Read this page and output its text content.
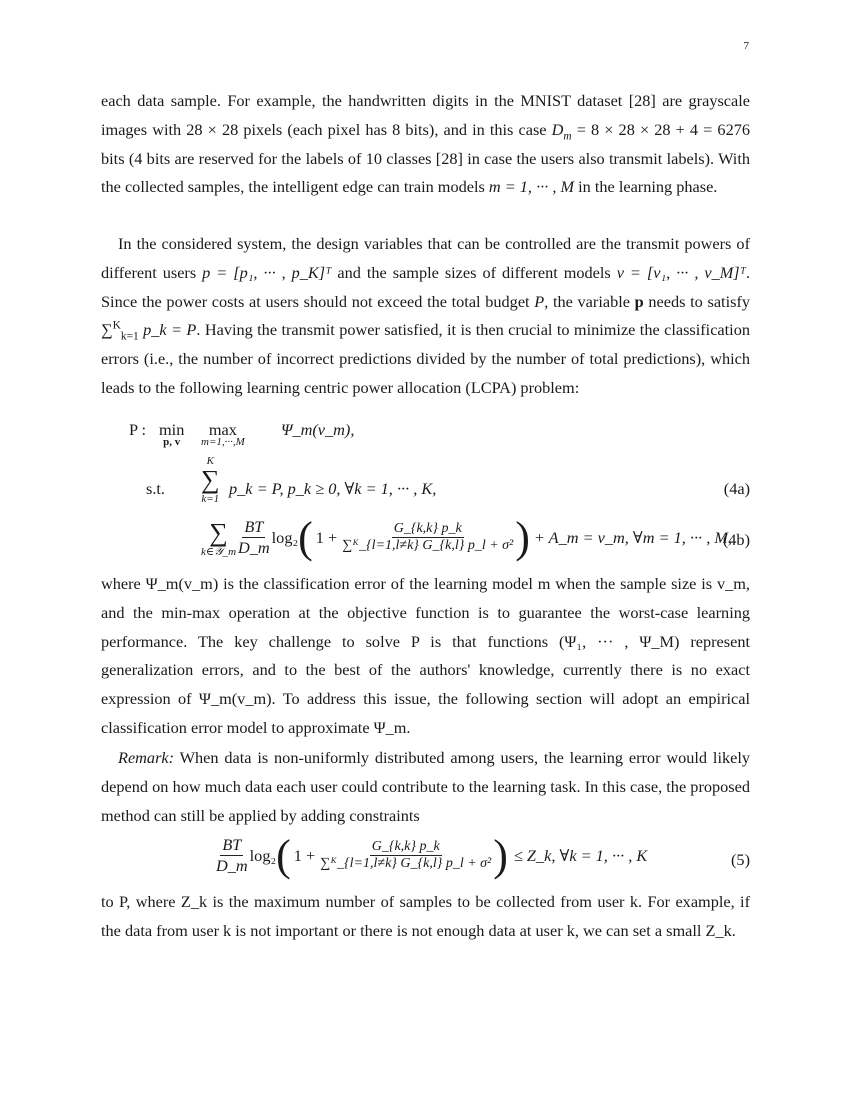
7

each data sample. For example, the handwritten digits in the MNIST dataset [28] are grayscale images with 28 × 28 pixels (each pixel has 8 bits), and in this case $D_m = 8 \times 28 \times 28 + 4 = 6276$ bits (4 bits are reserved for the labels of 10 classes [28] in case the users also transmit labels). With the collected samples, the intelligent edge can train models m = 1, ··· , M in the learning phase.

In the considered system, the design variables that can be controlled are the transmit powers of different users p = [p₁, ··· , p_K]ᵀ and the sample sizes of different models v = [v₁, ··· , v_M]ᵀ. Since the power costs at users should not exceed the total budget P, the variable p needs to satisfy ∑$^K_{k=1}$ p_k = P. Having the transmit power satisfied, it is then crucial to minimize the classification errors (i.e., the number of incorrect predictions divided by the number of total predictions), which leads to the following learning centric power allocation (LCPA) problem:

P : min
p, v
max
m=1,···,M
Ψ_m(v_m),
s.t.
K
∑
k=1
p_k = P, p_k ≥ 0, ∀k = 1, ··· , K,	(4a)
∑
k∈𝒴_m $\frac{BT}{D\_m} \log_2$ ( $1 + \frac{G\_\{k,k\} p\_k}{\text{∑ᴷ\_\{l=1,l≠k\} G\_\{k,l\} p\_l + σ²}}$ ) + A_m = v_m, ∀m = 1, ··· , M,
(4b)

where Ψ_m(v_m) is the classification error of the learning model m when the sample size is v_m, and the min-max operation at the objective function is to guarantee the worst-case learning performance. The key challenge to solve P is that functions (Ψ₁, ··· , Ψ_M) represent generalization errors, and to the best of the authors' knowledge, currently there is no exact expression of Ψ_m(v_m). To address this issue, the following section will adopt an empirical classification error model to approximate Ψ_m.

Remark: When data is non-uniformly distributed among users, the learning error would likely depend on how much data each user could contribute to the learning task. In this case, the proposed method can still be applied by adding constraints

$\frac{BT}{D\_m} \log_2$ ( $1 + \frac{G\_\{k,k\} p\_k}{\text{∑ᴷ\_\{l=1,l≠k\} G\_\{k,l\} p\_l + σ²}}$ ) ≤ Z_k, ∀k = 1, ··· , K	(5)

to P, where Z_k is the maximum number of samples to be collected from user k. For example, if the data from user k is not important or there is not enough data at user k, we can set a small Z_k.
